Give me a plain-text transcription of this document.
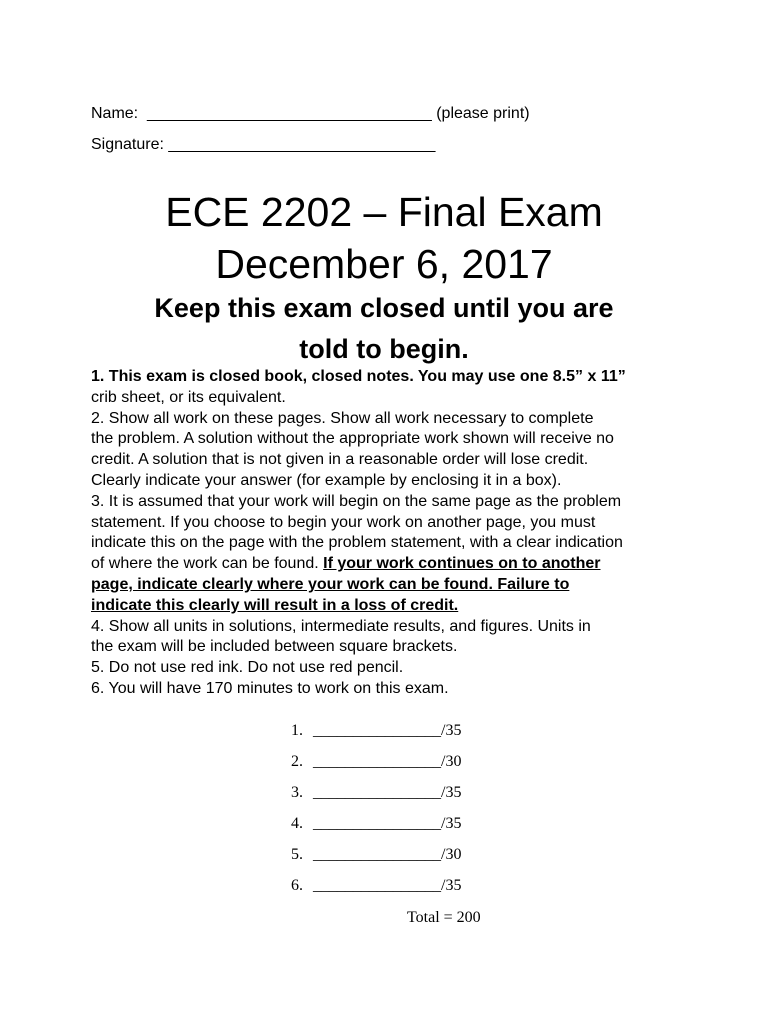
Name: ________________________________ (please print)
Signature: ______________________________
ECE 2202 – Final Exam
December 6, 2017
Keep this exam closed until you are
told to begin.
1. This exam is closed book, closed notes. You may use one 8.5” x 11”
crib sheet, or its equivalent.
2. Show all work on these pages. Show all work necessary to complete
the problem. A solution without the appropriate work shown will receive no
credit. A solution that is not given in a reasonable order will lose credit.
Clearly indicate your answer (for example by enclosing it in a box).
3. It is assumed that your work will begin on the same page as the problem
statement. If you choose to begin your work on another page, you must
indicate this on the page with the problem statement, with a clear indication
of where the work can be found. If your work continues on to another
page, indicate clearly where your work can be found. Failure to
indicate this clearly will result in a loss of credit.
4. Show all units in solutions, intermediate results, and figures. Units in
the exam will be included between square brackets.
5. Do not use red ink. Do not use red pencil.
6. You will have 170 minutes to work on this exam.
1. ________________/35
2. ________________/30
3. ________________/35
4. ________________/35
5. ________________/30
6. ________________/35
Total = 200
